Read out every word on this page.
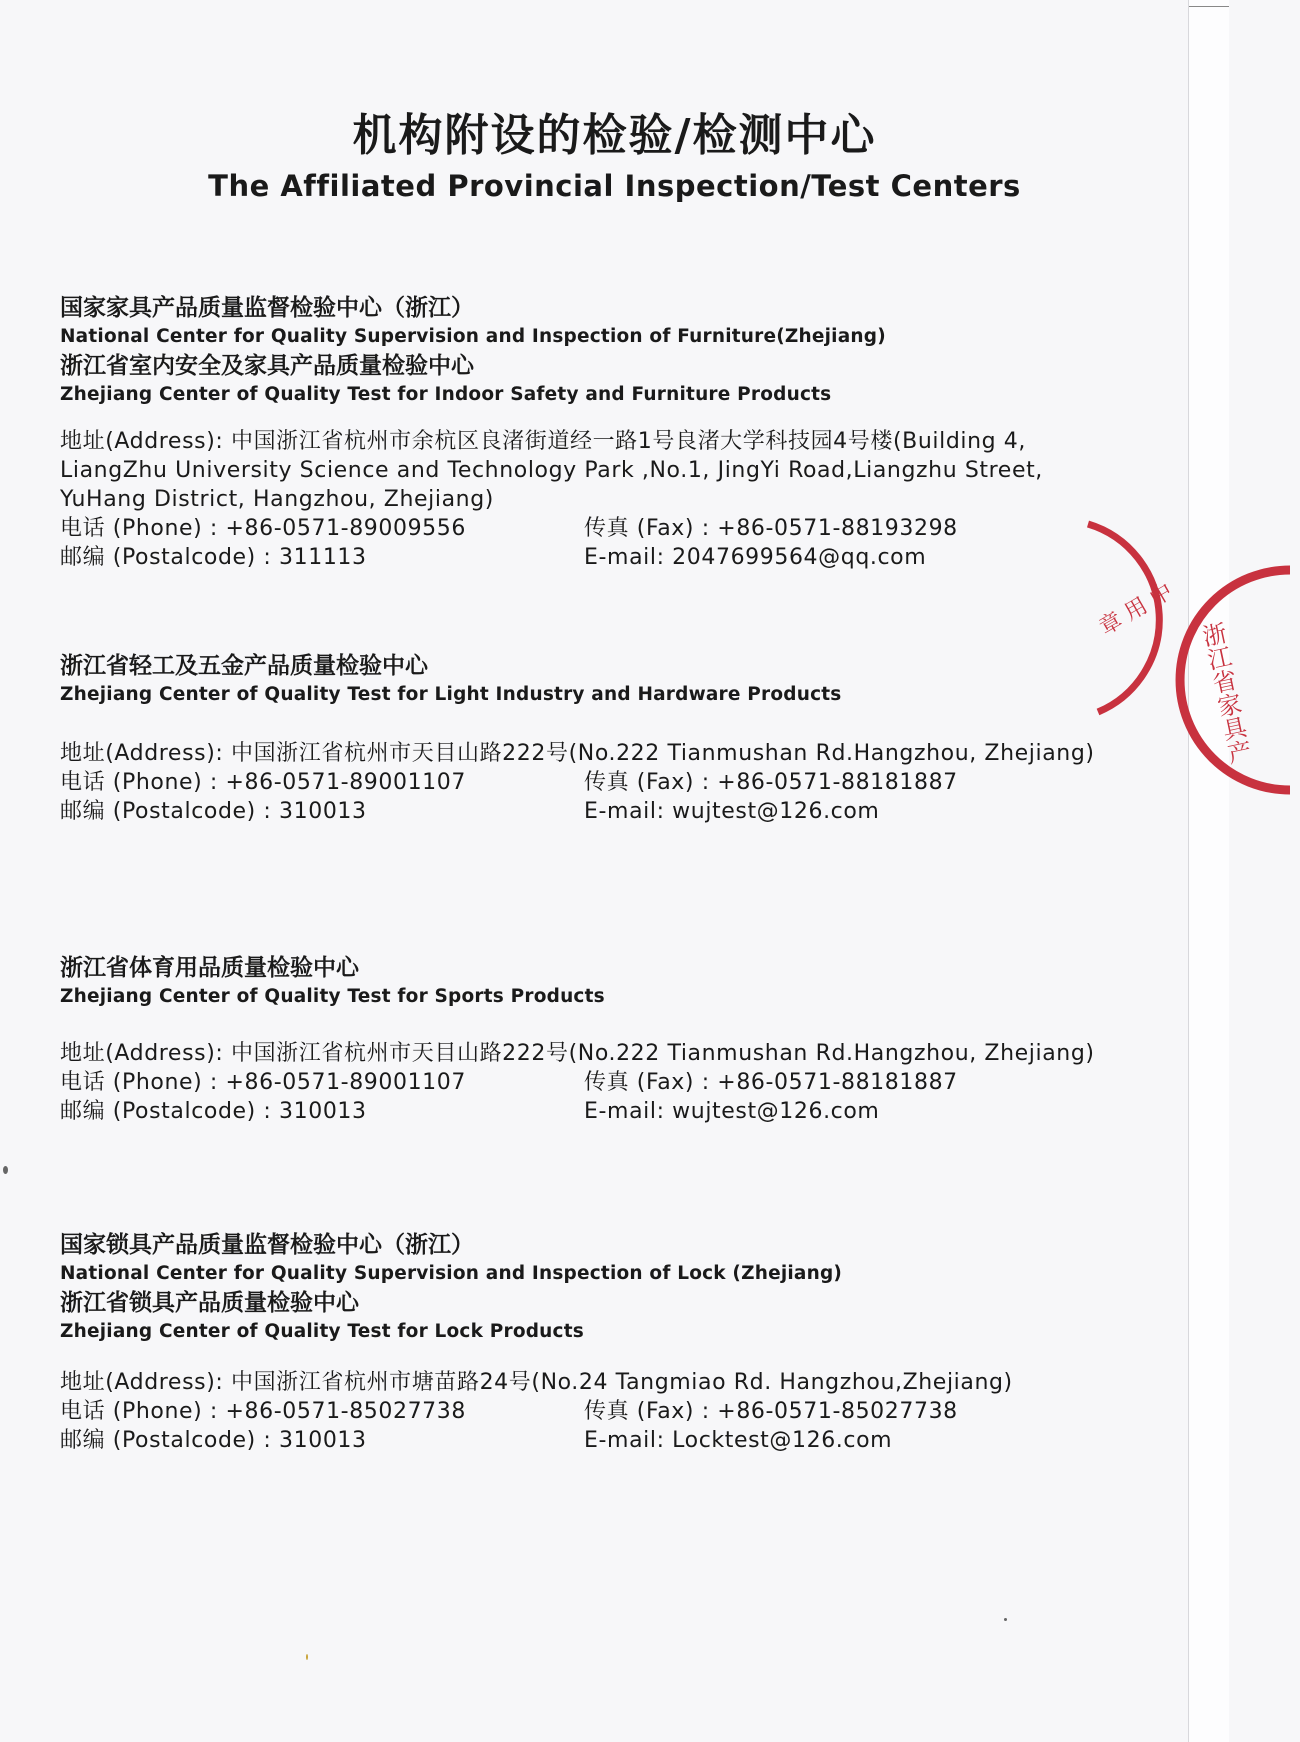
机构附设的检验/检测中心
The Affiliated Provincial Inspection/Test Centers
国家家具产品质量监督检验中心（浙江）
National Center for Quality Supervision and Inspection of Furniture(Zhejiang)
浙江省室内安全及家具产品质量检验中心
Zhejiang Center of Quality Test for Indoor Safety and Furniture Products
地址(Address): 中国浙江省杭州市余杭区良渚街道经一路1号良渚大学科技园4号楼(Building 4, LiangZhu University Science and Technology Park ,No.1, JingYi Road,Liangzhu Street, YuHang District, Hangzhou, Zhejiang)
电话 (Phone) : +86-0571-89009556	传真 (Fax) : +86-0571-88193298
邮编 (Postalcode) : 311113	E-mail: 2047699564@qq.com
浙江省轻工及五金产品质量检验中心
Zhejiang Center of Quality Test for Light Industry and Hardware Products
地址(Address): 中国浙江省杭州市天目山路222号(No.222 Tianmushan Rd.Hangzhou, Zhejiang)
电话 (Phone) : +86-0571-89001107	传真 (Fax) : +86-0571-88181887
邮编 (Postalcode) : 310013	E-mail: wujtest@126.com
浙江省体育用品质量检验中心
Zhejiang Center of Quality Test for Sports Products
地址(Address): 中国浙江省杭州市天目山路222号(No.222 Tianmushan Rd.Hangzhou, Zhejiang)
电话 (Phone) : +86-0571-89001107	传真 (Fax) : +86-0571-88181887
邮编 (Postalcode) : 310013	E-mail: wujtest@126.com
国家锁具产品质量监督检验中心（浙江）
National Center for Quality Supervision and Inspection of Lock (Zhejiang)
浙江省锁具产品质量检验中心
Zhejiang Center of Quality Test for Lock Products
地址(Address): 中国浙江省杭州市塘苗路24号(No.24 Tangmiao Rd. Hangzhou,Zhejiang)
电话 (Phone) : +86-0571-85027738	传真 (Fax) : +86-0571-85027738
邮编 (Postalcode) : 310013	E-mail: Locktest@126.com
章 用 中
浙江省家具产
